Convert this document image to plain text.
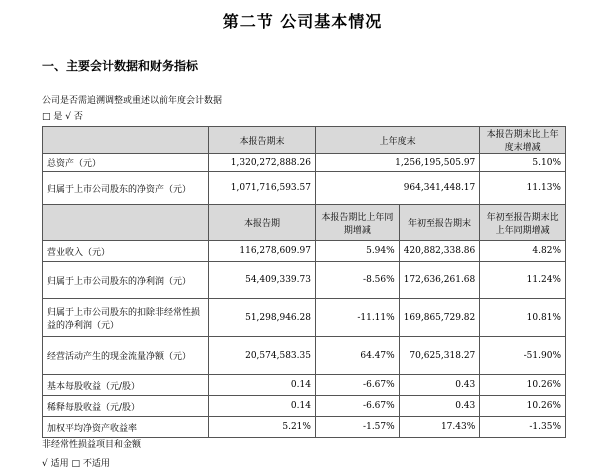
第二节 公司基本情况
一、主要会计数据和财务指标
公司是否需追溯调整或重述以前年度会计数据
□ 是 √ 否
	本报告期末	上年度末		本报告期末比上年度末增减
总资产（元）	1,320,272,888.26	1,256,195,505.97		5.10%
归属于上市公司股东的净资产（元）	1,071,716,593.57	964,341,448.17		11.13%
	本报告期	本报告期比上年同期增减	年初至报告期末	年初至报告期末比上年同期增减
营业收入（元）	116,278,609.97	5.94%	420,882,338.86	4.82%
归属于上市公司股东的净利润（元）	54,409,339.73	-8.56%	172,636,261.68	11.24%
归属于上市公司股东的扣除非经常性损益的净利润（元）	51,298,946.28	-11.11%	169,865,729.82	10.81%
经营活动产生的现金流量净额（元）	20,574,583.35	64.47%	70,625,318.27	-51.90%
基本每股收益（元/股）	0.14	-6.67%	0.43	10.26%
稀释每股收益（元/股）	0.14	-6.67%	0.43	10.26%
加权平均净资产收益率	5.21%	-1.57%	17.43%	-1.35%
非经常性损益项目和金额
√ 适用 □ 不适用
